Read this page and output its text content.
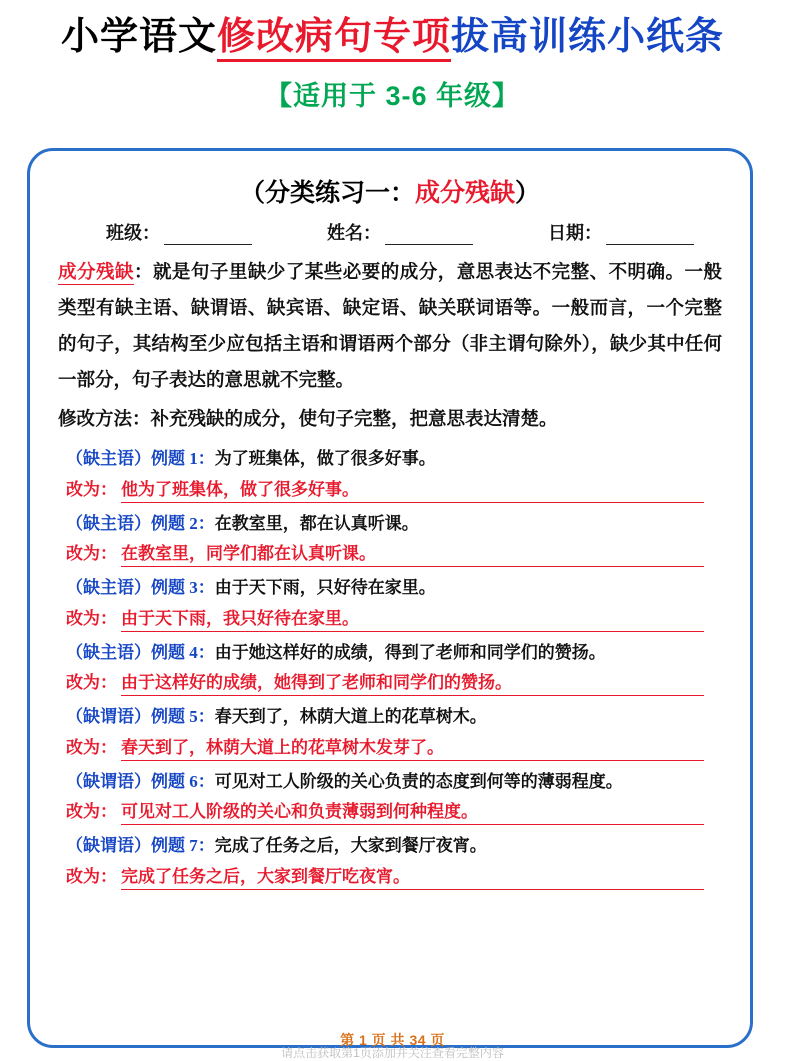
小学语文修改病句专项拔高训练小纸条
【适用于 3-6 年级】
（分类练习一：成分残缺）
班级：	姓名：	日期：

成分残缺：就是句子里缺少了某些必要的成分，意思表达不完整、不明确。一般类型有缺主语、缺谓语、缺宾语、缺定语、缺关联词语等。一般而言，一个完整的句子，其结构至少应包括主语和谓语两个部分（非主谓句除外），缺少其中任何一部分，句子表达的意思就不完整。

修改方法：补充残缺的成分，使句子完整，把意思表达清楚。

（缺主语）例题 1：为了班集体，做了很多好事。
改为： 他为了班集体，做了很多好事。
（缺主语）例题 2：在教室里，都在认真听课。
改为： 在教室里，同学们都在认真听课。
（缺主语）例题 3：由于天下雨，只好待在家里。
改为： 由于天下雨，我只好待在家里。
（缺主语）例题 4：由于她这样好的成绩，得到了老师和同学们的赞扬。
改为： 由于这样好的成绩，她得到了老师和同学们的赞扬。
（缺谓语）例题 5：春天到了，林荫大道上的花草树木。
改为： 春天到了，林荫大道上的花草树木发芽了。
（缺谓语）例题 6：可见对工人阶级的关心负责的态度到何等的薄弱程度。
改为： 可见对工人阶级的关心和负责薄弱到何种程度。
（缺谓语）例题 7：完成了任务之后，大家到餐厅夜宵。
改为： 完成了任务之后，大家到餐厅吃夜宵。
第 1 页 共 34 页
请点击获取第1页添加并关注查看完整内容
